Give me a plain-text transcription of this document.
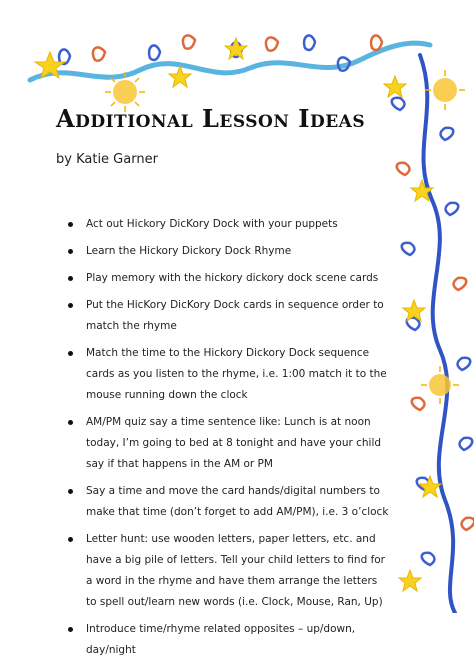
Additional Lesson Ideas

by Katie Garner

Act out Hickory DicKory Dock with your puppets
Learn the Hickory Dickory Dock Rhyme
Play memory with the hickory dickory dock scene cards
Put the HicKory DicKory Dock cards in sequence order to match the rhyme
Match the time to the Hickory Dickory Dock sequence cards as you listen to the rhyme, i.e. 1:00 match it to the mouse running down the clock
AM/PM quiz say a time sentence like: Lunch is at noon today, I’m going to bed at 8 tonight and have your child say if that happens in the AM or PM
Say a time and move the card hands/digital numbers to make that time (don’t forget to add AM/PM), i.e. 3 o’clock
Letter hunt: use wooden letters, paper letters, etc. and have a big pile of letters. Tell your child letters to find for a word in the rhyme and have them arrange the letters to spell out/learn new words (i.e. Clock, Mouse, Ran, Up)
Introduce time/rhyme related opposites – up/down, day/night
